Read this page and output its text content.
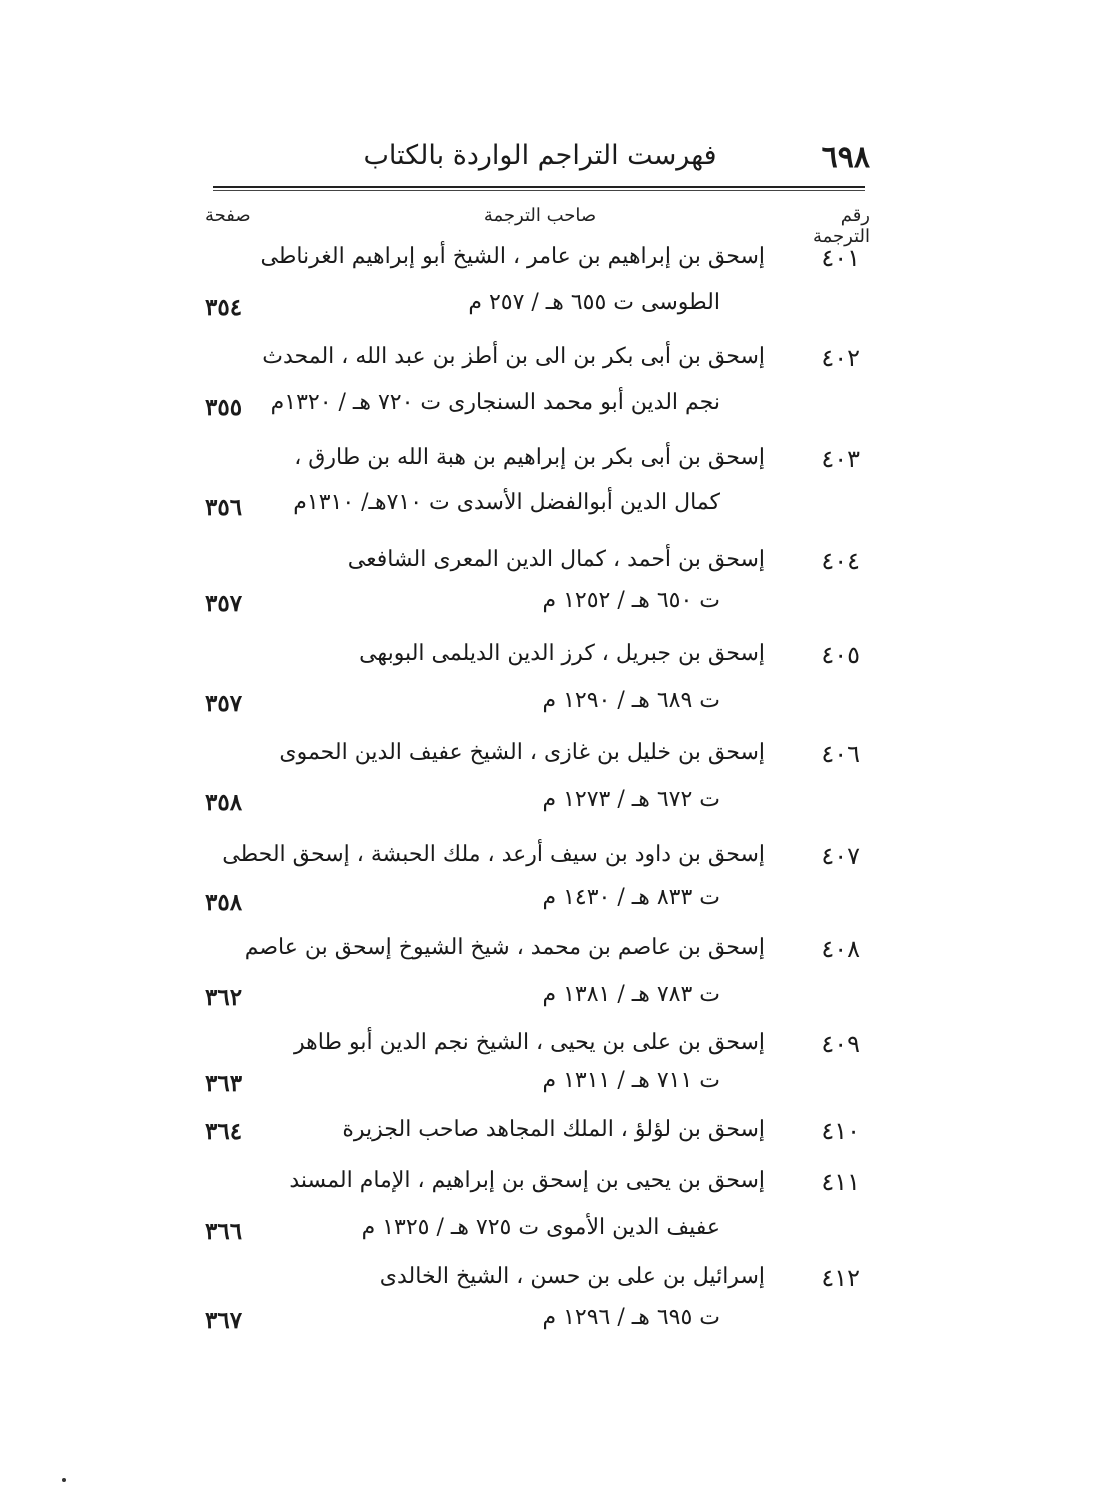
٦٩٨
فهرست التراجم الواردة بالكتاب
رقم الترجمة
صاحب الترجمة
صفحة
٤٠١
إسحق بن إبراهيم بن عامر ، الشيخ أبو إبراهيم الغرناطى
الطوسى ت ٦٥٥ هـ / ٢٥٧ م
٣٥٤
٤٠٢
إسحق بن أبى بكر بن الى بن أطز بن عبد الله ، المحدث
نجم الدين أبو محمد السنجارى ت ٧٢٠ هـ / ١٣٢٠م
٣٥٥
٤٠٣
إسحق بن أبى بكر بن إبراهيم بن هبة الله بن طارق ،
كمال الدين أبوالفضل الأسدى ت ٧١٠هـ/ ١٣١٠م
٣٥٦
٤٠٤
إسحق بن أحمد ، كمال الدين المعرى الشافعى
ت ٦٥٠ هـ / ١٢٥٢ م
٣٥٧
٤٠٥
إسحق بن جبريل ، كرز الدين الديلمى البوبهى
ت ٦٨٩ هـ / ١٢٩٠ م
٣٥٧
٤٠٦
إسحق بن خليل بن غازى ، الشيخ عفيف الدين الحموى
ت ٦٧٢ هـ / ١٢٧٣ م
٣٥٨
٤٠٧
إسحق بن داود بن سيف أرعد ، ملك الحبشة ، إسحق الحطى
ت ٨٣٣ هـ / ١٤٣٠ م
٣٥٨
٤٠٨
إسحق بن عاصم بن محمد ، شيخ الشيوخ إسحق بن عاصم
ت ٧٨٣ هـ / ١٣٨١ م
٣٦٢
٤٠٩
إسحق بن على بن يحيى ، الشيخ نجم الدين أبو طاهر
ت ٧١١ هـ / ١٣١١ م
٣٦٣
٤١٠
إسحق بن لؤلؤ ، الملك المجاهد صاحب الجزيرة
٣٦٤
٤١١
إسحق بن يحيى بن إسحق بن إبراهيم ، الإمام المسند
عفيف الدين الأموى ت ٧٢٥ هـ / ١٣٢٥ م
٣٦٦
٤١٢
إسرائيل بن على بن حسن ، الشيخ الخالدى
ت ٦٩٥ هـ / ١٢٩٦ م
٣٦٧
